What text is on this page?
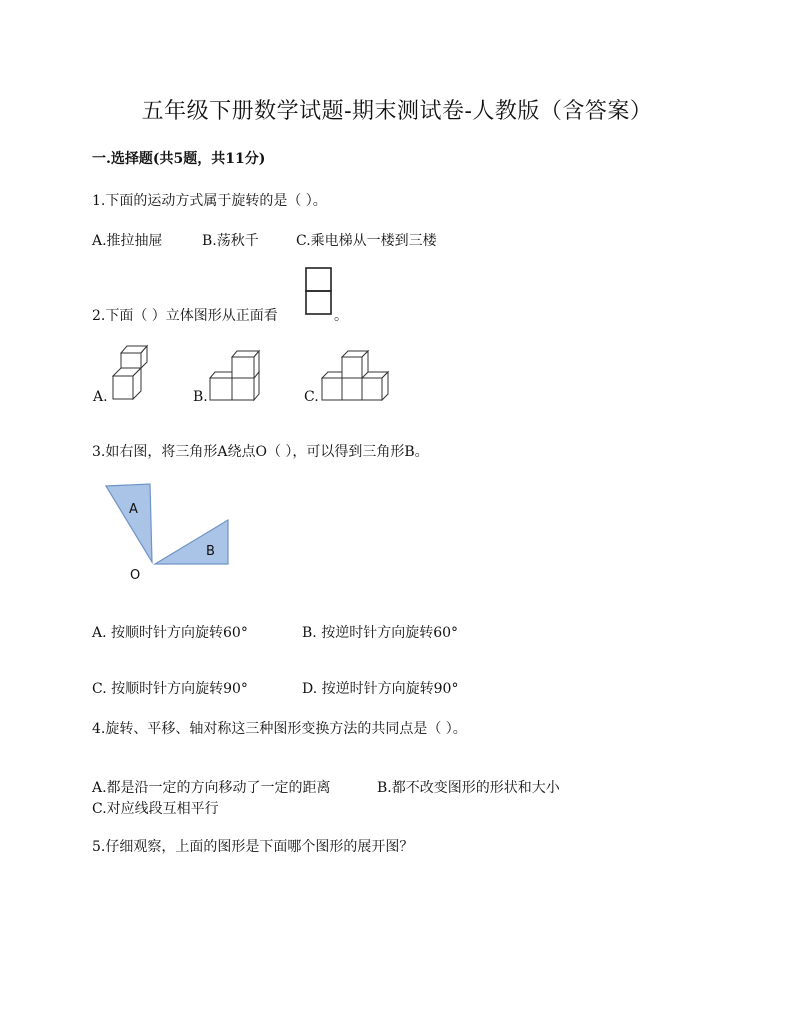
五年级下册数学试题-期末测试卷-人教版（含答案）
一.选择题(共5题，共11分)
1.下面的运动方式属于旋转的是（ ）。
A.推拉抽屉	B.荡秋千	C.乘电梯从一楼到三楼
2.下面（ ）立体图形从正面看	。
A.	B.	C.
3.如右图，将三角形A绕点O（ ），可以得到三角形B。
A
B
O
A. 按顺时针方向旋转60°	B. 按逆时针方向旋转60°
C. 按顺时针方向旋转90°	D. 按逆时针方向旋转90°
4.旋转、平移、轴对称这三种图形变换方法的共同点是（ ）。
A.都是沿一定的方向移动了一定的距离	B.都不改变图形的形状和大小
C.对应线段互相平行
5.仔细观察，上面的图形是下面哪个图形的展开图？
